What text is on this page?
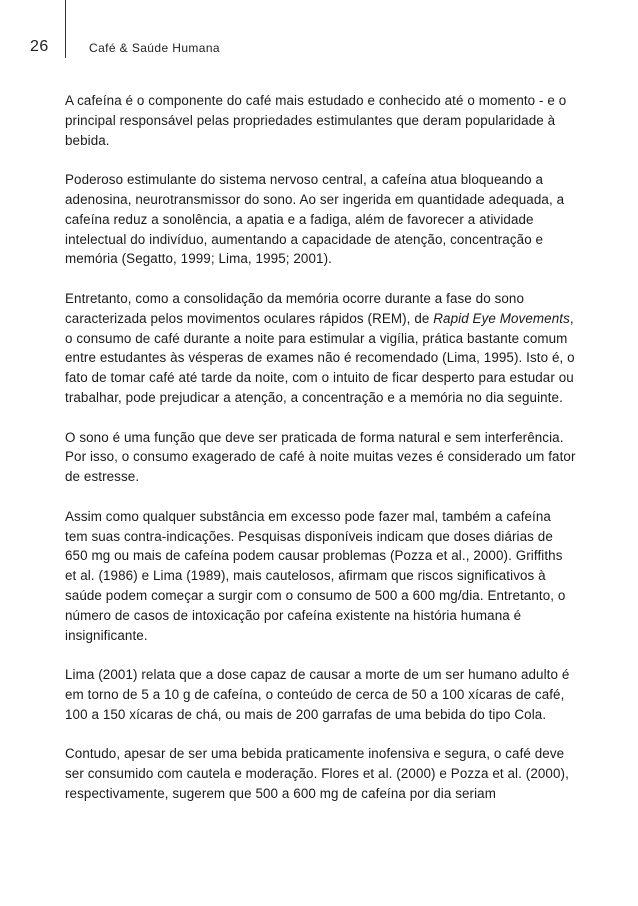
26	Café & Saúde Humana

A cafeína é o componente do café mais estudado e conhecido até o momento - e o principal responsável pelas propriedades estimulantes que deram popularidade à bebida.

Poderoso estimulante do sistema nervoso central, a cafeína atua bloqueando a adenosina, neurotransmissor do sono. Ao ser ingerida em quantidade adequada, a cafeína reduz a sonolência, a apatia e a fadiga, além de favorecer a atividade intelectual do indivíduo, aumentando a capacidade de atenção, concentração e memória (Segatto, 1999; Lima, 1995; 2001).

Entretanto, como a consolidação da memória ocorre durante a fase do sono caracterizada pelos movimentos oculares rápidos (REM), de Rapid Eye Movements, o consumo de café durante a noite para estimular a vigília, prática bastante comum entre estudantes às vésperas de exames não é recomendado (Lima, 1995). Isto é, o fato de tomar café até tarde da noite, com o intuito de ficar desperto para estudar ou trabalhar, pode prejudicar a atenção, a concentração e a memória no dia seguinte.

O sono é uma função que deve ser praticada de forma natural e sem interferência. Por isso, o consumo exagerado de café à noite muitas vezes é considerado um fator de estresse.

Assim como qualquer substância em excesso pode fazer mal, também a cafeína tem suas contra-indicações. Pesquisas disponíveis indicam que doses diárias de 650 mg ou mais de cafeína podem causar problemas (Pozza et al., 2000). Griffiths et al. (1986) e Lima (1989), mais cautelosos, afirmam que riscos significativos à saúde podem começar a surgir com o consumo de 500 a 600 mg/dia. Entretanto, o número de casos de intoxicação por cafeína existente na história humana é insignificante.

Lima (2001) relata que a dose capaz de causar a morte de um ser humano adulto é em torno de 5 a 10 g de cafeína, o conteúdo de cerca de 50 a 100 xícaras de café, 100 a 150 xícaras de chá, ou mais de 200 garrafas de uma bebida do tipo Cola.

Contudo, apesar de ser uma bebida praticamente inofensiva e segura, o café deve ser consumido com cautela e moderação. Flores et al. (2000) e Pozza et al. (2000), respectivamente, sugerem que 500 a 600 mg de cafeína por dia seriam
